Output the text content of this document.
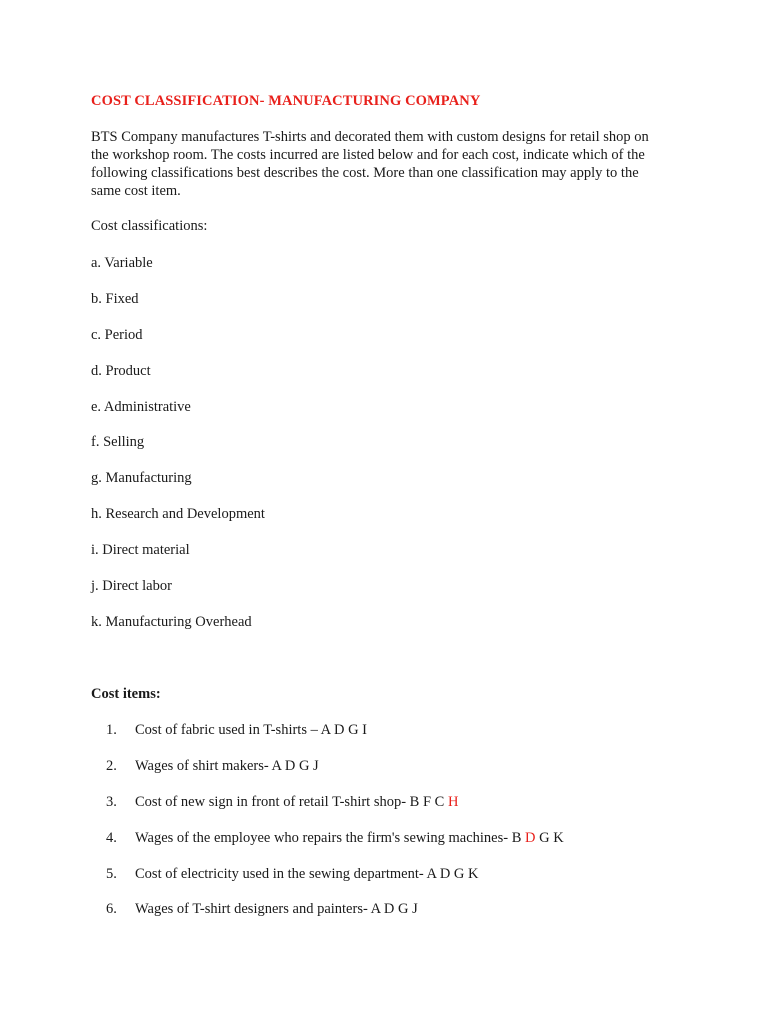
COST CLASSIFICATION- MANUFACTURING COMPANY
BTS Company manufactures T-shirts and decorated them with custom designs for retail shop on
the workshop room. The costs incurred are listed below and for each cost, indicate which of the
following classifications best describes the cost. More than one classification may apply to the
same cost item.
Cost classifications:
a. Variable
b. Fixed
c. Period
d. Product
e. Administrative
f. Selling
g. Manufacturing
h. Research and Development
i. Direct material
j. Direct labor
k. Manufacturing Overhead
Cost items:
1. Cost of fabric used in T-shirts – A D G I
2. Wages of shirt makers- A D G J
3. Cost of new sign in front of retail T-shirt shop- B F C H
4. Wages of the employee who repairs the firm's sewing machines- B D G K
5. Cost of electricity used in the sewing department- A D G K
6. Wages of T-shirt designers and painters- A D G J
